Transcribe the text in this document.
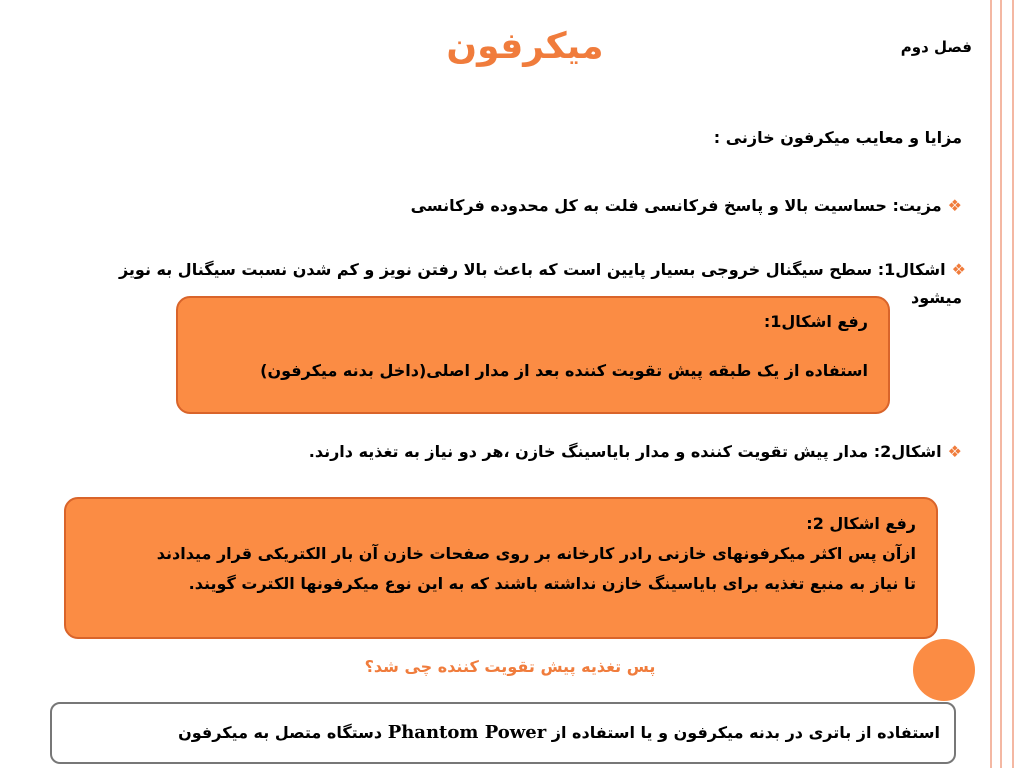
میکرفون	فصل دوم
مزایا و معایب میکرفون خازنی :
❖مزیت: حساسیت بالا و پاسخ فرکانسی فلت به کل محدوده فرکانسی
❖اشکال1: سطح سیگنال خروجی بسیار پایین است که باعث بالا رفتن نویز و کم شدن نسبت سیگنال به نویز
میشود
رفع اشکال1:
استفاده از یک طبقه پیش تقویت کننده بعد از مدار اصلی(داخل بدنه میکرفون)
❖اشکال2: مدار پیش تقویت کننده و مدار بایاسینگ خازن ،هر دو نیاز به تغذیه دارند.
رفع اشکال 2:
ازآن پس اکثر میکرفونهای خازنی رادر کارخانه بر روی صفحات خازن آن بار الکتریکی قرار میدادند
تا نیاز به منبع تغذیه برای بایاسینگ خازن نداشته باشند که به این نوع میکرفونها الکترت گویند.
پس تغذیه پیش تقویت کننده چی شد؟
استفاده از باتری در بدنه میکرفون و یا استفاده از Phantom Power دستگاه متصل به میکرفون
